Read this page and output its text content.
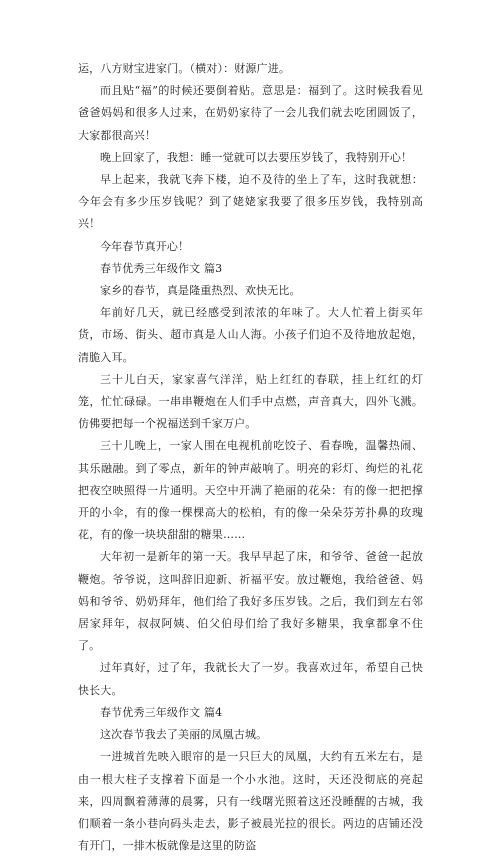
运，八方财宝进家门。（横对）：财源广进。

而且贴“福”的时候还要倒着贴。意思是：福到了。这时候我看见爸爸妈妈和很多人过来，在奶奶家待了一会儿我们就去吃团圆饭了，大家都很高兴！

晚上回家了，我想：睡一觉就可以去要压岁钱了，我特别开心！

早上起来，我就飞奔下楼，迫不及待的坐上了车，这时我就想：今年会有多少压岁钱呢？到了姥姥家我要了很多压岁钱，我特别高兴！

今年春节真开心！

春节优秀三年级作文 篇3

家乡的春节，真是隆重热烈、欢快无比。

年前好几天，就已经感受到浓浓的年味了。大人忙着上街买年货，市场、街头、超市真是人山人海。小孩子们迫不及待地放起炮，清脆入耳。

三十儿白天，家家喜气洋洋，贴上红红的春联，挂上红红的灯笼，忙忙碌碌。一串串鞭炮在人们手中点燃，声音真大，四外飞溅。仿佛要把每一个祝福送到千家万户。

三十儿晚上，一家人围在电视机前吃饺子、看春晚，温馨热闹、其乐融融。到了零点，新年的钟声敲响了。明亮的彩灯、绚烂的礼花把夜空映照得一片通明。天空中开满了艳丽的花朵：有的像一把把撑开的小伞，有的像一棵棵高大的松柏，有的像一朵朵芬芳扑鼻的玫瑰花，有的像一块块甜甜的糖果……

大年初一是新年的第一天。我早早起了床，和爷爷、爸爸一起放鞭炮。爷爷说，这叫辞旧迎新、祈福平安。放过鞭炮，我给爸爸、妈妈和爷爷、奶奶拜年，他们给了我好多压岁钱。之后，我们到左右邻居家拜年，叔叔阿姨、伯父伯母们给了我好多糖果，我拿都拿不住了。

过年真好，过了年，我就长大了一岁。我喜欢过年，希望自己快快长大。

春节优秀三年级作文 篇4

这次春节我去了美丽的凤凰古城。

一进城首先映入眼帘的是一只巨大的凤凰，大约有五米左右，是由一根大柱子支撑着下面是一个小水池。这时，天还没彻底的亮起来，四周飘着薄薄的晨雾，只有一线曙光照着这还没睡醒的古城，我们顺着一条小巷向码头走去，影子被晨光拉的很长。两边的店铺还没有开门，一排木板就像是这里的防盗
